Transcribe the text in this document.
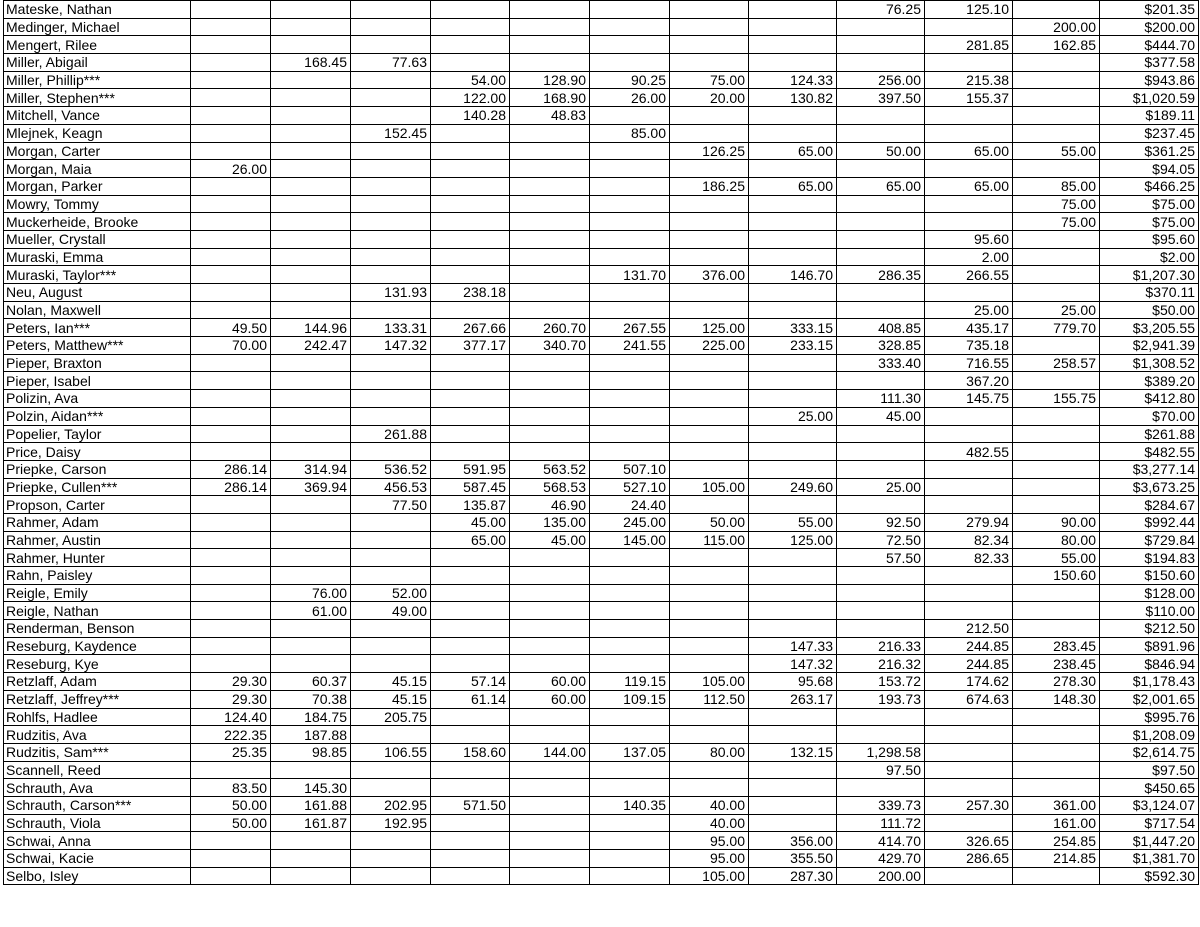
Mateske, Nathan									76.25	125.10		$201.35
Medinger, Michael											200.00	$200.00
Mengert, Rilee										281.85	162.85	$444.70
Miller, Abigail		168.45	77.63									$377.58
Miller, Phillip***				54.00	128.90	90.25	75.00	124.33	256.00	215.38		$943.86
Miller, Stephen***				122.00	168.90	26.00	20.00	130.82	397.50	155.37		$1,020.59
Mitchell, Vance				140.28	48.83							$189.11
Mlejnek, Keagn			152.45			85.00						$237.45
Morgan, Carter							126.25	65.00	50.00	65.00	55.00	$361.25
Morgan, Maia	26.00											$94.05
Morgan, Parker							186.25	65.00	65.00	65.00	85.00	$466.25
Mowry, Tommy											75.00	$75.00
Muckerheide, Brooke											75.00	$75.00
Mueller, Crystall										95.60		$95.60
Muraski, Emma										2.00		$2.00
Muraski, Taylor***						131.70	376.00	146.70	286.35	266.55		$1,207.30
Neu, August			131.93	238.18								$370.11
Nolan, Maxwell										25.00	25.00	$50.00
Peters, Ian***	49.50	144.96	133.31	267.66	260.70	267.55	125.00	333.15	408.85	435.17	779.70	$3,205.55
Peters, Matthew***	70.00	242.47	147.32	377.17	340.70	241.55	225.00	233.15	328.85	735.18		$2,941.39
Pieper, Braxton									333.40	716.55	258.57	$1,308.52
Pieper, Isabel										367.20		$389.20
Polizin, Ava									111.30	145.75	155.75	$412.80
Polzin, Aidan***								25.00	45.00			$70.00
Popelier, Taylor			261.88									$261.88
Price, Daisy										482.55		$482.55
Priepke, Carson	286.14	314.94	536.52	591.95	563.52	507.10						$3,277.14
Priepke, Cullen***	286.14	369.94	456.53	587.45	568.53	527.10	105.00	249.60	25.00			$3,673.25
Propson, Carter			77.50	135.87	46.90	24.40						$284.67
Rahmer, Adam				45.00	135.00	245.00	50.00	55.00	92.50	279.94	90.00	$992.44
Rahmer, Austin				65.00	45.00	145.00	115.00	125.00	72.50	82.34	80.00	$729.84
Rahmer, Hunter									57.50	82.33	55.00	$194.83
Rahn, Paisley											150.60	$150.60
Reigle, Emily		76.00	52.00									$128.00
Reigle, Nathan		61.00	49.00									$110.00
Renderman, Benson										212.50		$212.50
Reseburg, Kaydence								147.33	216.33	244.85	283.45	$891.96
Reseburg, Kye								147.32	216.32	244.85	238.45	$846.94
Retzlaff, Adam	29.30	60.37	45.15	57.14	60.00	119.15	105.00	95.68	153.72	174.62	278.30	$1,178.43
Retzlaff, Jeffrey***	29.30	70.38	45.15	61.14	60.00	109.15	112.50	263.17	193.73	674.63	148.30	$2,001.65
Rohlfs, Hadlee	124.40	184.75	205.75									$995.76
Rudzitis, Ava	222.35	187.88										$1,208.09
Rudzitis, Sam***	25.35	98.85	106.55	158.60	144.00	137.05	80.00	132.15	1,298.58			$2,614.75
Scannell, Reed									97.50			$97.50
Schrauth, Ava	83.50	145.30										$450.65
Schrauth, Carson***	50.00	161.88	202.95	571.50		140.35	40.00		339.73	257.30	361.00	$3,124.07
Schrauth, Viola	50.00	161.87	192.95				40.00		111.72		161.00	$717.54
Schwai, Anna							95.00	356.00	414.70	326.65	254.85	$1,447.20
Schwai, Kacie							95.00	355.50	429.70	286.65	214.85	$1,381.70
Selbo, Isley							105.00	287.30	200.00			$592.30
